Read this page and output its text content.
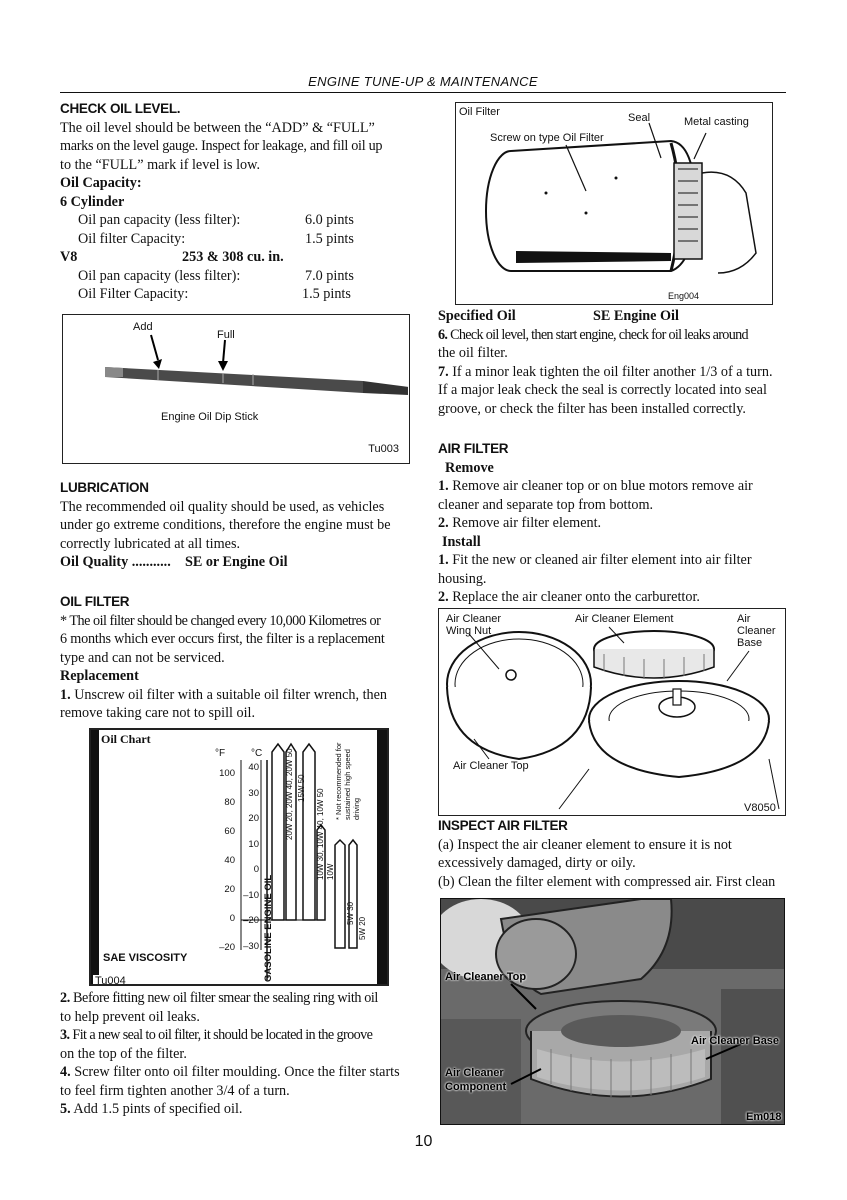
ENGINE TUNE-UP & MAINTENANCE

CHECK OIL LEVEL.

The oil level should be between the “ADD” & “FULL”

marks on the level gauge. Inspect for leakage, and fill oil up

to the “FULL” mark if level is low.

Oil Capacity:

6 Cylinder

Oil pan capacity (less filter):	6.0 pints
Oil filter Capacity:	1.5 pints
V8	253 & 308 cu. in.
Oil pan capacity (less filter):	7.0 pints
Oil Filter Capacity:	1.5 pints
Add
Full
Engine Oil Dip Stick
Tu003

LUBRICATION

The recommended oil quality should be used, as vehicles

under go extreme conditions, therefore the engine must be

correctly lubricated at all times.

Oil Quality ........... SE or Engine Oil

OIL FILTER

* The oil filter should be changed every 10,000 Kilometres or

6 months which ever occurs first, the filter is a replacement

type and can not be serviced.

Replacement

1. Unscrew oil filter with a suitable oil filter wrench, then

remove taking care not to spill oil.

Oil Chart
°F	°C
100
80
60
40
20
0
–20
40
30
20
10
0
–10
–20
–30
20W 20, 20W 40, 20W 50 15W 50
10W 30, 10W 40, 10W 50 10W
5W 30
5W 20
* Not recommended for sustained high speed driving
GASOLINE ENGINE OIL
SAE VISCOSITY
Tu004

2. Before fitting new oil filter smear the sealing ring with oil

to help prevent oil leaks.

3. Fit a new seal to oil filter, it should be located in the groove

on the top of the filter.

4. Screw filter onto oil filter moulding. Once the filter starts

to feel firm tighten another 3/4 of a turn.

5. Add 1.5 pints of specified oil.

Oil Filter	Seal	Metal casting
Screw on type Oil Filter
Eng004
Specified Oil	SE Engine Oil

6. Check oil level, then start engine, check for oil leaks around

the oil filter.

7. If a minor leak tighten the oil filter another 1/3 of a turn.

If a major leak check the seal is correctly located into seal

groove, or check the filter has been installed correctly.

AIR FILTER

Remove

1. Remove air cleaner top or on blue motors remove air

cleaner and separate top from bottom.

2. Remove air filter element.

Install

1. Fit the new or cleaned air filter element into air filter

housing.

2. Replace the air cleaner onto the carburettor.

Air Cleaner
Wing Nut
Air Cleaner Element	Air
Cleaner
Base
Air Cleaner Top
V8050

INSPECT AIR FILTER

(a) Inspect the air cleaner element to ensure it is not

excessively damaged, dirty or oily.

(b) Clean the filter element with compressed air. First clean

Air Cleaner Top
Air Cleaner Base
Air Cleaner
Component
Em018
10
